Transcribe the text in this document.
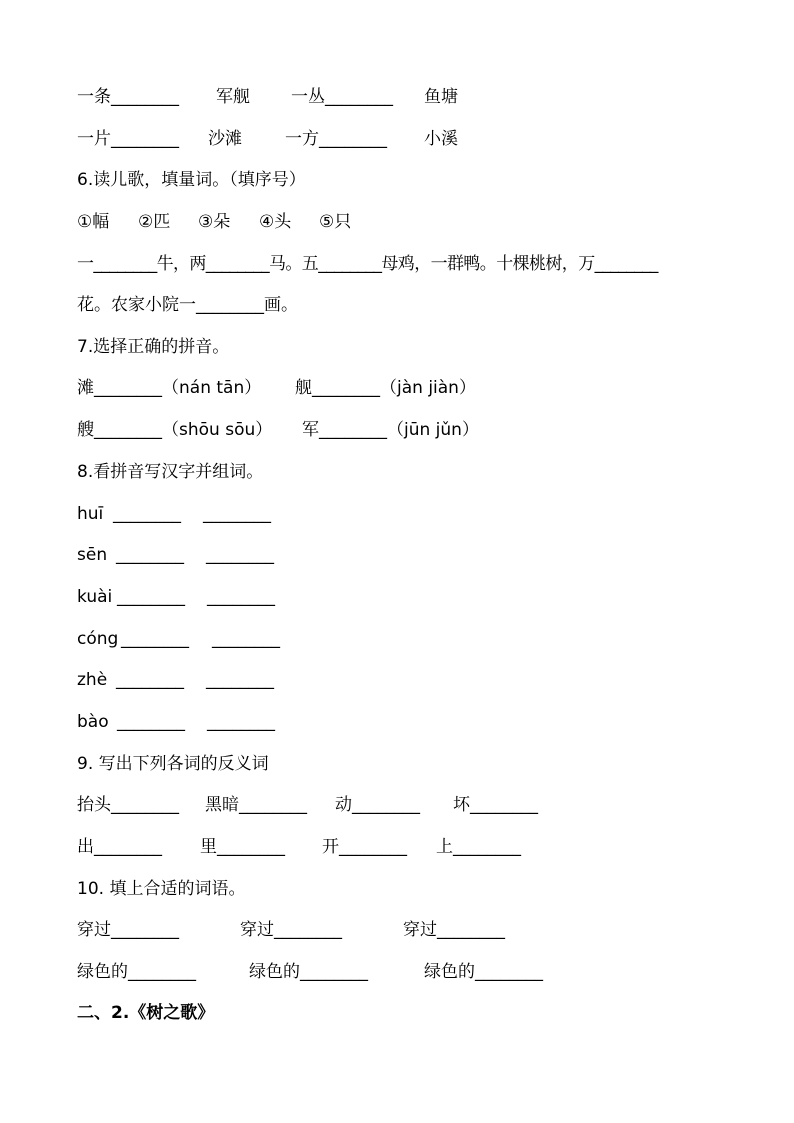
一条________ 军舰 一丛________ 鱼塘
一片________ 沙滩	一方________ 小溪
6.读儿歌，填量词。（填序号）
①幅 ②匹 ③朵 ④头 ⑤只
一________牛，两________马。五________母鸡，一群鸭。十棵桃树，万________
花。农家小院一________画。
7.选择正确的拼音。
滩________（nán tān） 舰________（jàn jiàn）
艘________（shōu sōu） 军________（jūn jǔn）
8.看拼音写汉字并组词。
huī ________ ________
sēn ________ ________
kuài ________ ________
cóng ________ ________
zhè ________ ________
bào ________ ________
9. 写出下列各词的反义词
抬头________ 黑暗________ 动________ 坏________
出________ 里________ 开________ 上________
10. 填上合适的词语。
穿过________	穿过________	穿过________
绿色的________	绿色的________	绿色的________
二、2.《树之歌》
